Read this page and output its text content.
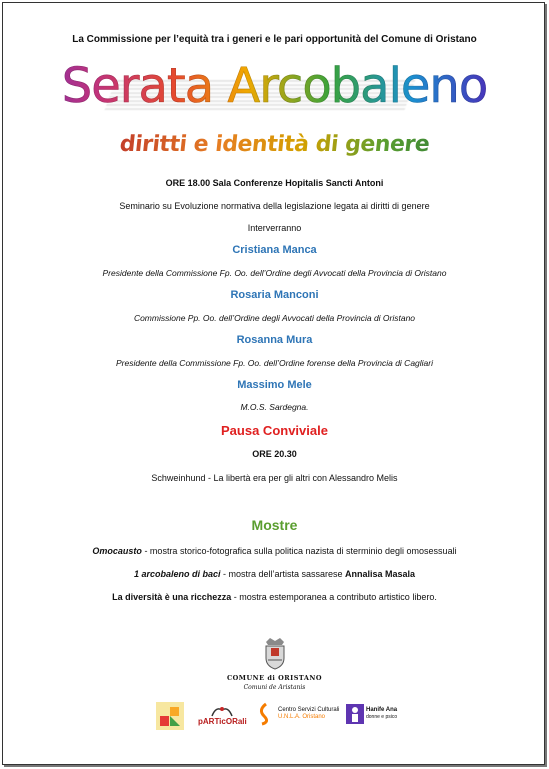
La Commissione per l’equità tra i generi e le pari opportunità del Comune di Oristano
Serata Arcobaleno
diritti e identità di genere
ORE 18.00 Sala Conferenze Hopitalis Sancti Antoni
Seminario su Evoluzione normativa della legislazione legata ai diritti di genere
Interverranno
Cristiana Manca
Presidente della Commissione Fp. Oo. dell’Ordine degli Avvocati della Provincia di Oristano
Rosaria Manconi
Commissione Pp. Oo. dell’Ordine degli Avvocati della Provincia di Oristano
Rosanna Mura
Presidente della Commissione Fp. Oo. dell’Ordine forense della Provincia di Cagliari
Massimo Mele
M.O.S. Sardegna.
Pausa Conviviale
ORE 20.30
Schweinhund - La libertà era per gli altri con Alessandro Melis
Mostre
Omocausto - mostra storico-fotografica sulla politica nazista di sterminio degli omosessuali
1 arcobaleno di baci - mostra dell’artista sassarese Annalisa Masala
La diversità è una ricchezza - mostra estemporanea a contributo artistico libero.
COMUNE di ORISTANO
Comuni de Aristanis
pARTicORali
Centro Servizi Culturali
U.N.L.A. Oristano
Hanife Ana
donne e psico
